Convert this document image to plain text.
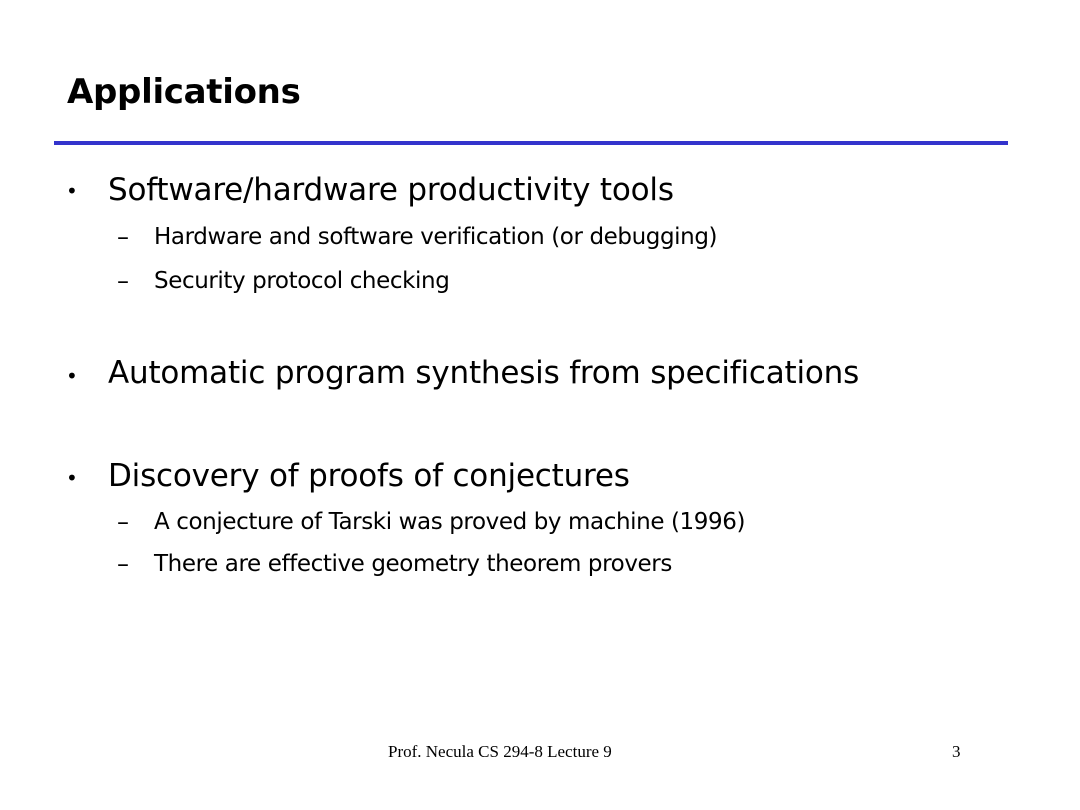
Applications
• Software/hardware productivity tools
– Hardware and software verification (or debugging)
– Security protocol checking
• Automatic program synthesis from specifications
• Discovery of proofs of conjectures
– A conjecture of Tarski was proved by machine (1996)
– There are effective geometry theorem provers
Prof. Necula CS 294-8 Lecture 9	3
